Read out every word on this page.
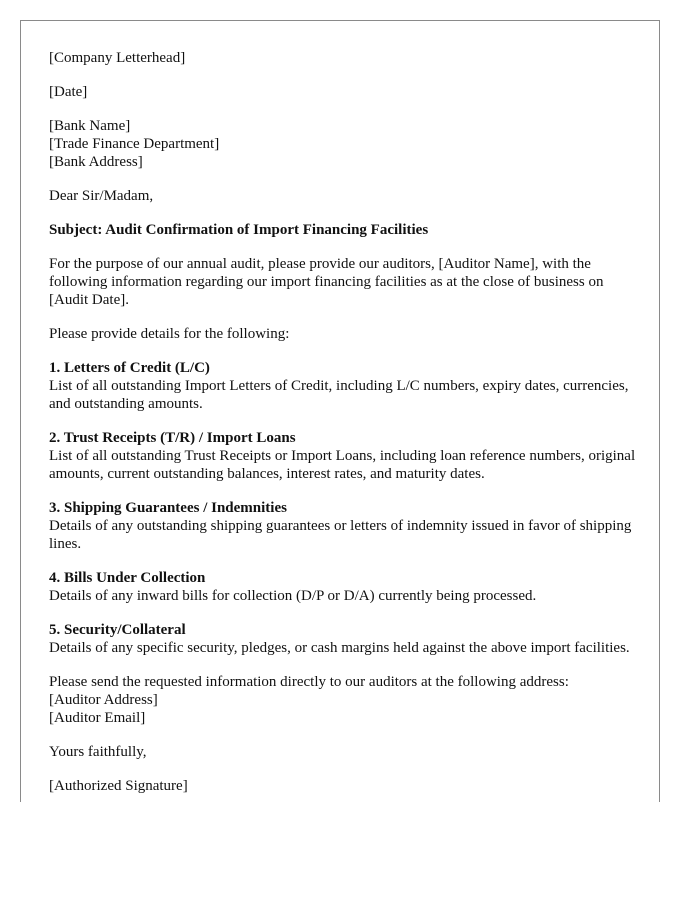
[Company Letterhead]

[Date]

[Bank Name]
[Trade Finance Department]
[Bank Address]

Dear Sir/Madam,

Subject: Audit Confirmation of Import Financing Facilities

For the purpose of our annual audit, please provide our auditors, [Auditor Name], with the following information regarding our import financing facilities as at the close of business on [Audit Date].

Please provide details for the following:

1. Letters of Credit (L/C)
List of all outstanding Import Letters of Credit, including L/C numbers, expiry dates, currencies, and outstanding amounts.

2. Trust Receipts (T/R) / Import Loans
List of all outstanding Trust Receipts or Import Loans, including loan reference numbers, original amounts, current outstanding balances, interest rates, and maturity dates.

3. Shipping Guarantees / Indemnities
Details of any outstanding shipping guarantees or letters of indemnity issued in favor of shipping lines.

4. Bills Under Collection
Details of any inward bills for collection (D/P or D/A) currently being processed.

5. Security/Collateral
Details of any specific security, pledges, or cash margins held against the above import facilities.

Please send the requested information directly to our auditors at the following address:
[Auditor Address]
[Auditor Email]

Yours faithfully,

[Authorized Signature]
